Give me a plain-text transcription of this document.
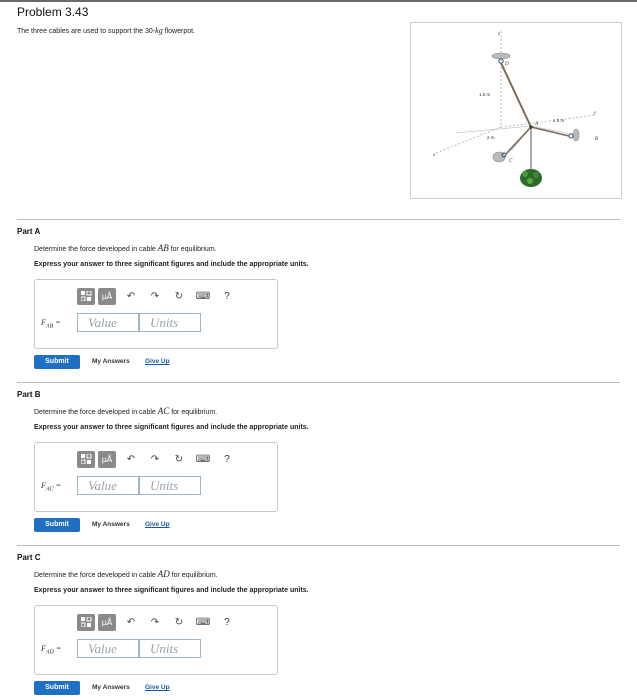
Problem 3.43
The three cables are used to support the 30-kg flowerpot.	z
D
1.5 m
1.5 m
y
A
B
2 m
C
x
Part A
Determine the force developed in cable AB for equilibrium.
Express your answer to three significant figures and include the appropriate units.
μÅ	↶	↷	↻	⌨	?
$F_{AB}$ =
Value
Units
Submit	My Answers Give Up
Part B
Determine the force developed in cable AC for equilibrium.
Express your answer to three significant figures and include the appropriate units.
μÅ	↶	↷	↻	⌨	?
$F_{AC}$ =
Value
Units
Submit	My Answers Give Up
Part C
Determine the force developed in cable AD for equilibrium.
Express your answer to three significant figures and include the appropriate units.
μÅ	↶	↷	↻	⌨	?
$F_{AD}$ =
Value
Units
Submit	My Answers Give Up
